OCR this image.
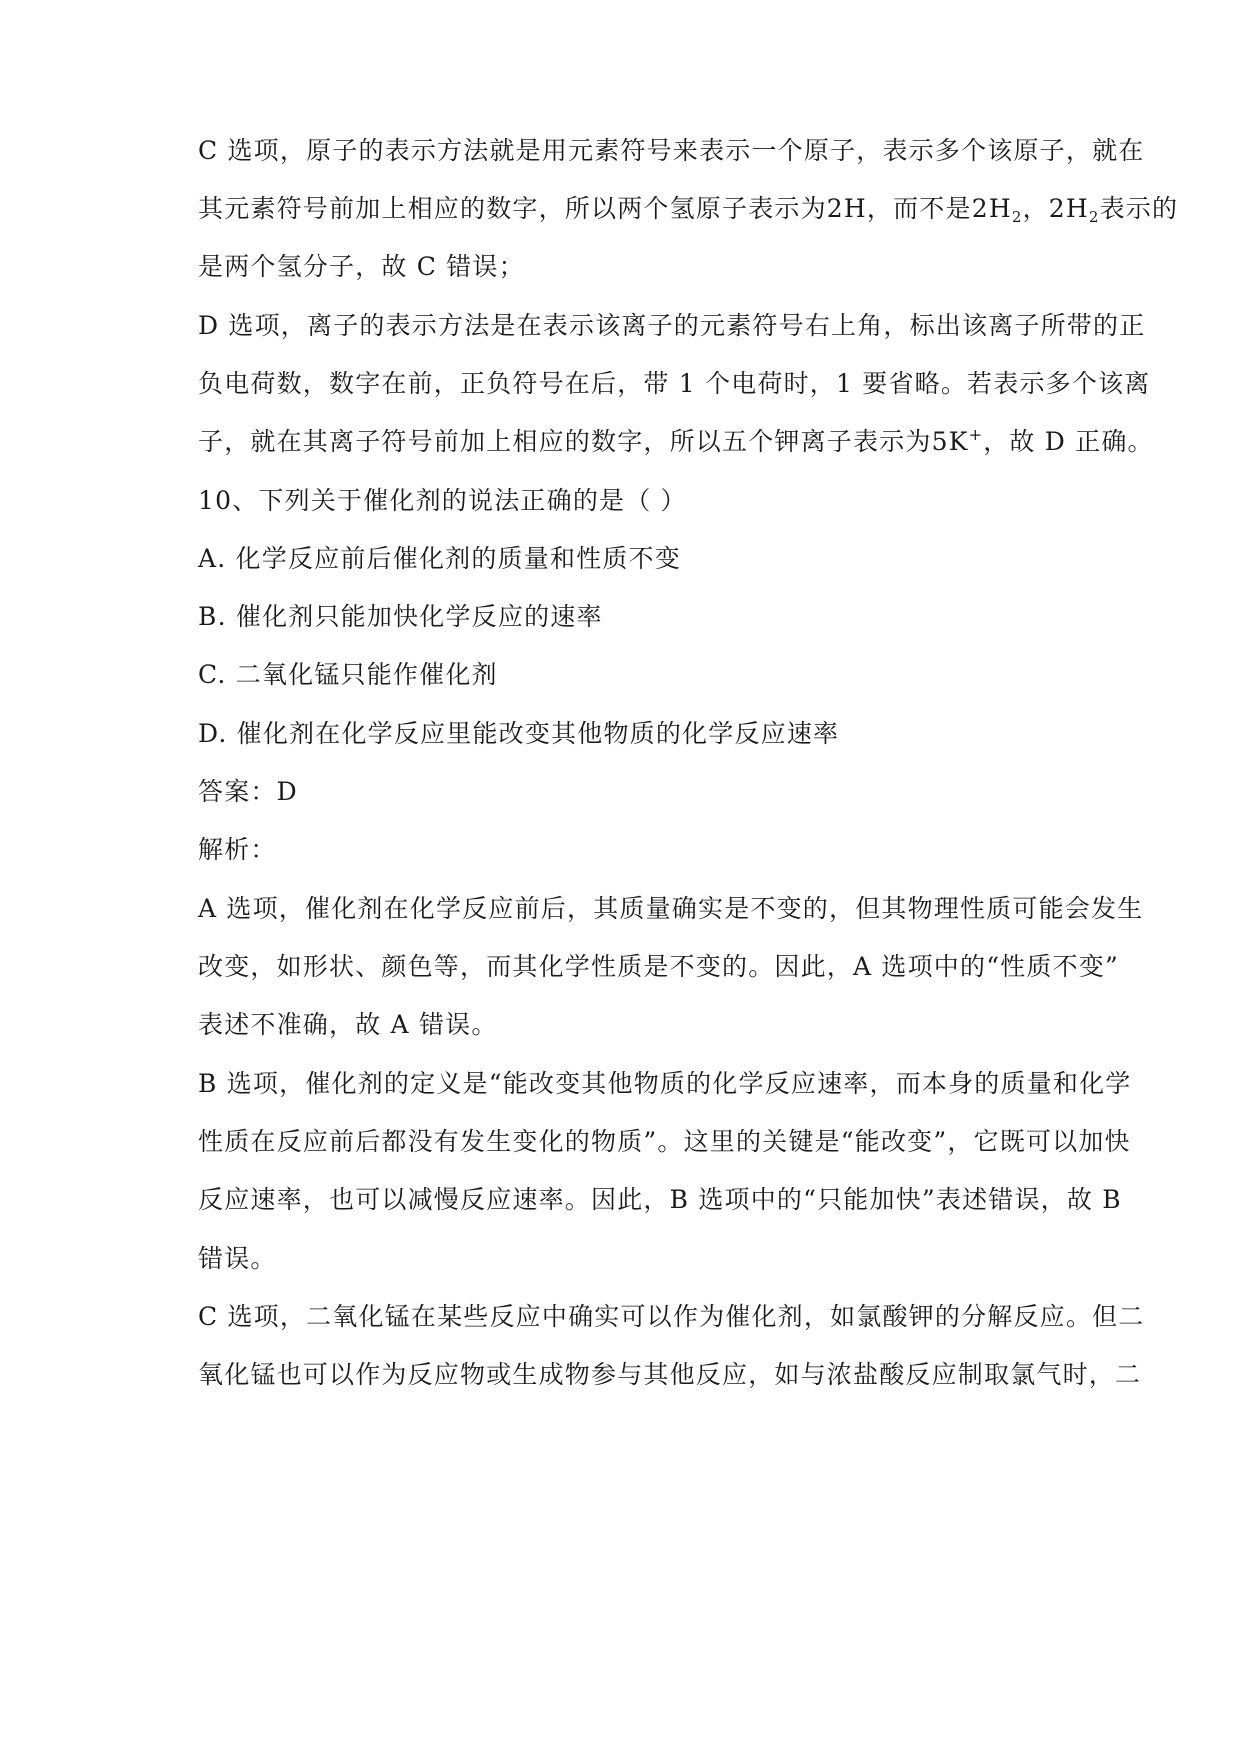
C 选项，原子的表示方法就是用元素符号来表示一个原子，表示多个该原子，就在
其元素符号前加上相应的数字，所以两个氢原子表示为2H，而不是$2H_2$，$2H_2$表示的
是两个氢分子，故 C 错误；
D 选项，离子的表示方法是在表示该离子的元素符号右上角，标出该离子所带的正
负电荷数，数字在前，正负符号在后，带 1 个电荷时，1 要省略。若表示多个该离
子，就在其离子符号前加上相应的数字，所以五个钾离子表示为5K+，故 D 正确。
10、下列关于催化剂的说法正确的是（ ）
A. 化学反应前后催化剂的质量和性质不变
B. 催化剂只能加快化学反应的速率
C. 二氧化锰只能作催化剂
D. 催化剂在化学反应里能改变其他物质的化学反应速率
答案：D
解析：
A 选项，催化剂在化学反应前后，其质量确实是不变的，但其物理性质可能会发生
改变，如形状、颜色等，而其化学性质是不变的。因此，A 选项中的“性质不变”
表述不准确，故 A 错误。
B 选项，催化剂的定义是“能改变其他物质的化学反应速率，而本身的质量和化学
性质在反应前后都没有发生变化的物质”。这里的关键是“能改变”，它既可以加快
反应速率，也可以减慢反应速率。因此，B 选项中的“只能加快”表述错误，故 B
错误。
C 选项，二氧化锰在某些反应中确实可以作为催化剂，如氯酸钾的分解反应。但二
氧化锰也可以作为反应物或生成物参与其他反应，如与浓盐酸反应制取氯气时，二
